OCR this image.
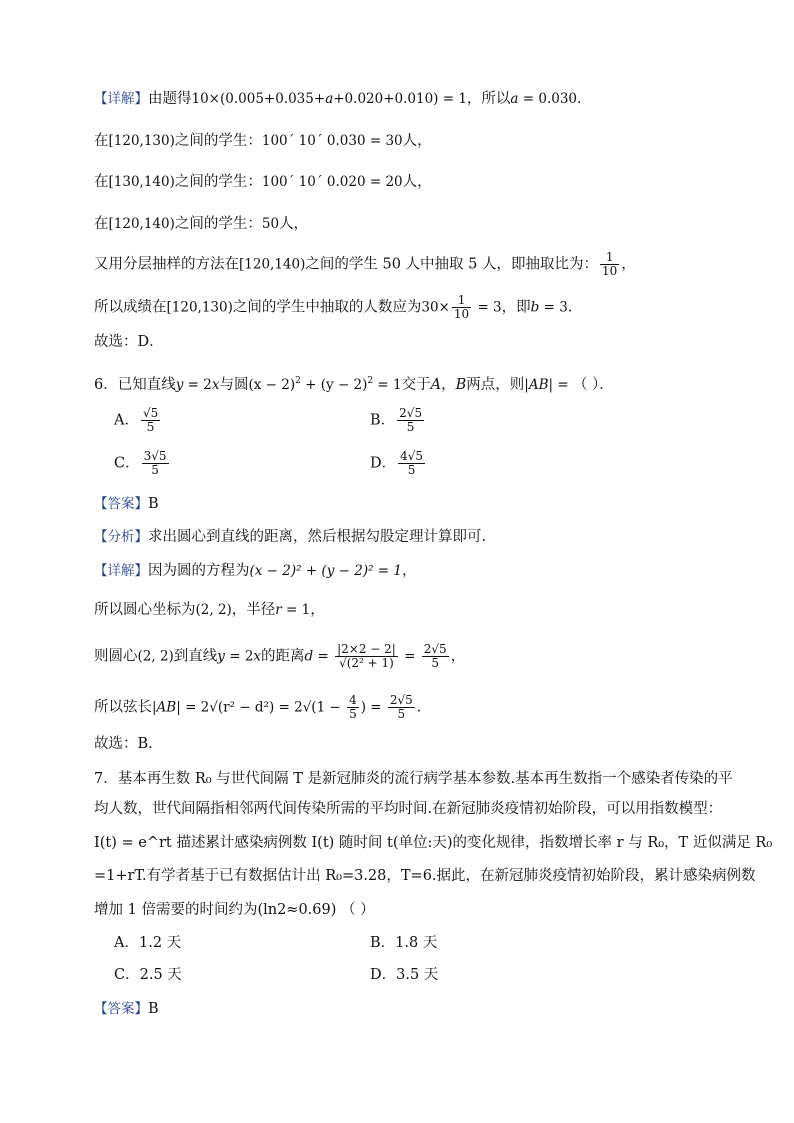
【详解】由题得10×(0.005+0.035+a+0.020+0.010) = 1，所以a = 0.030．
在[120,130)之间的学生：100´ 10´ 0.030 = 30人，
在[130,140)之间的学生：100´ 10´ 0.020 = 20人，
在[120,140)之间的学生：50人，
又用分层抽样的方法在[120,140)之间的学生 50 人中抽取 5 人，即抽取比为： $\frac{1}{10}$ ，
所以成绩在[120,130)之间的学生中抽取的人数应为$30\times \frac{1}{10} = 3$，即b = 3.
故选：D．
6．已知直线y = 2x与圆$(x - 2)^2 + (y - 2)^2 = 1$交于A，B两点，则|AB| = （ ）．
A． $\frac{√5}{5}$	B． $\frac{2√5}{5}$
C． $\frac{3√5}{5}$	D． $\frac{4√5}{5}$
【答案】B
【分析】求出圆心到直线的距离，然后根据勾股定理计算即可.
【详解】因为圆的方程为(x − 2)² + (y − 2)² = 1，
所以圆心坐标为(2, 2)，半径r = 1，
则圆心(2, 2)到直线y = 2x的距离$d = \frac{|2\times 2 - 2|}{\text{√(2² + 1)}} = \frac{2√5}{5}$ ，
所以弦长$|AB| = 2√(r^2 - d^2) = 2√(1 - \frac{4}{5}$ ) = $\frac{2√5}{5}$ ．
故选：B.
7．基本再生数 R₀ 与世代间隔 T 是新冠肺炎的流行病学基本参数.基本再生数指一个感染者传染的平
均人数，世代间隔指相邻两代间传染所需的平均时间.在新冠肺炎疫情初始阶段，可以用指数模型：
I(t) = e^rt 描述累计感染病例数 I(t) 随时间 t(单位:天)的变化规律，指数增长率 r 与 R₀，T 近似满足 R₀
=1+rT.有学者基于已有数据估计出 R₀=3.28，T=6.据此，在新冠肺炎疫情初始阶段，累计感染病例数
增加 1 倍需要的时间约为(ln2≈0.69) （ ）
A．1.2 天	B．1.8 天
C．2.5 天	D．3.5 天
【答案】B
